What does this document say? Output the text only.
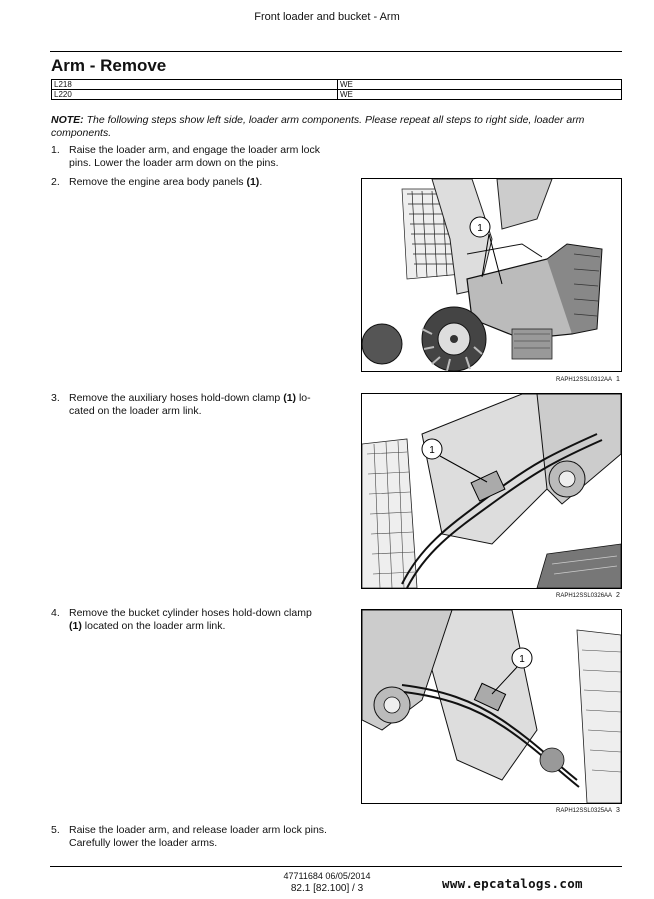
Front loader and bucket - Arm
Arm - Remove
L218	WE
L220	WE
NOTE: The following steps show left side, loader arm components. Please repeat all steps to right side, loader arm
components.
1. Raise the loader arm, and engage the loader arm lock
pins. Lower the loader arm down on the pins.
2. Remove the engine area body panels (1).
3. Remove the auxiliary hoses hold-down clamp (1) lo-
cated on the loader arm link.
4. Remove the bucket cylinder hoses hold-down clamp
(1) located on the loader arm link.
5. Raise the loader arm, and release loader arm lock pins.
Carefully lower the loader arms.
1
RAPH12SSL0312AA 1
1
RAPH12SSL0326AA 2
1
RAPH12SSL0325AA 3
47711684 06/05/2014
82.1 [82.100] / 3	www.epcatalogs.com
